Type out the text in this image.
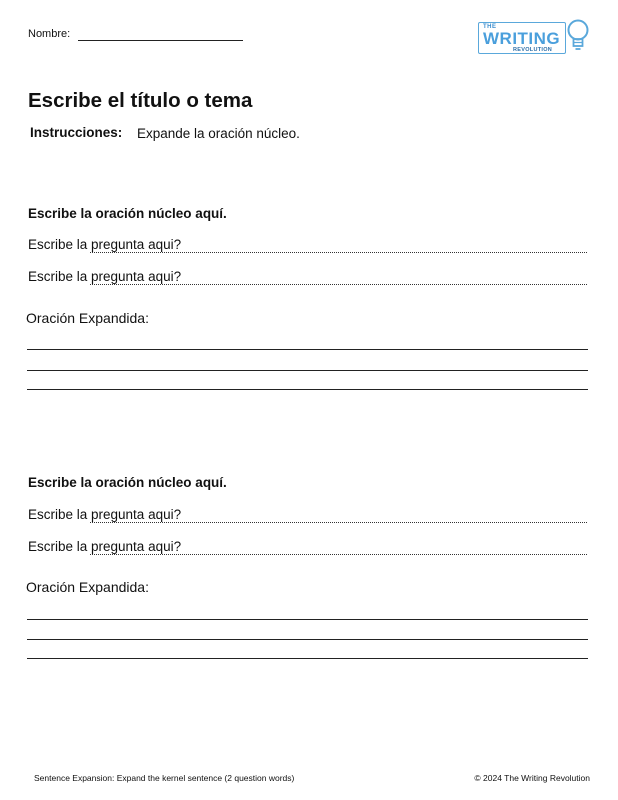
Nombre:
THE
WRITING
REVOLUTION
Escribe el título o tema
Instrucciones: Expande la oración núcleo.
Escribe la oración núcleo aquí.
Escribe la pregunta aqui?
Escribe la pregunta aqui?
Oración Expandida:
Escribe la oración núcleo aquí.
Escribe la pregunta aqui?
Escribe la pregunta aqui?
Oración Expandida:
Sentence Expansion: Expand the kernel sentence (2 question words)	© 2024 The Writing Revolution
